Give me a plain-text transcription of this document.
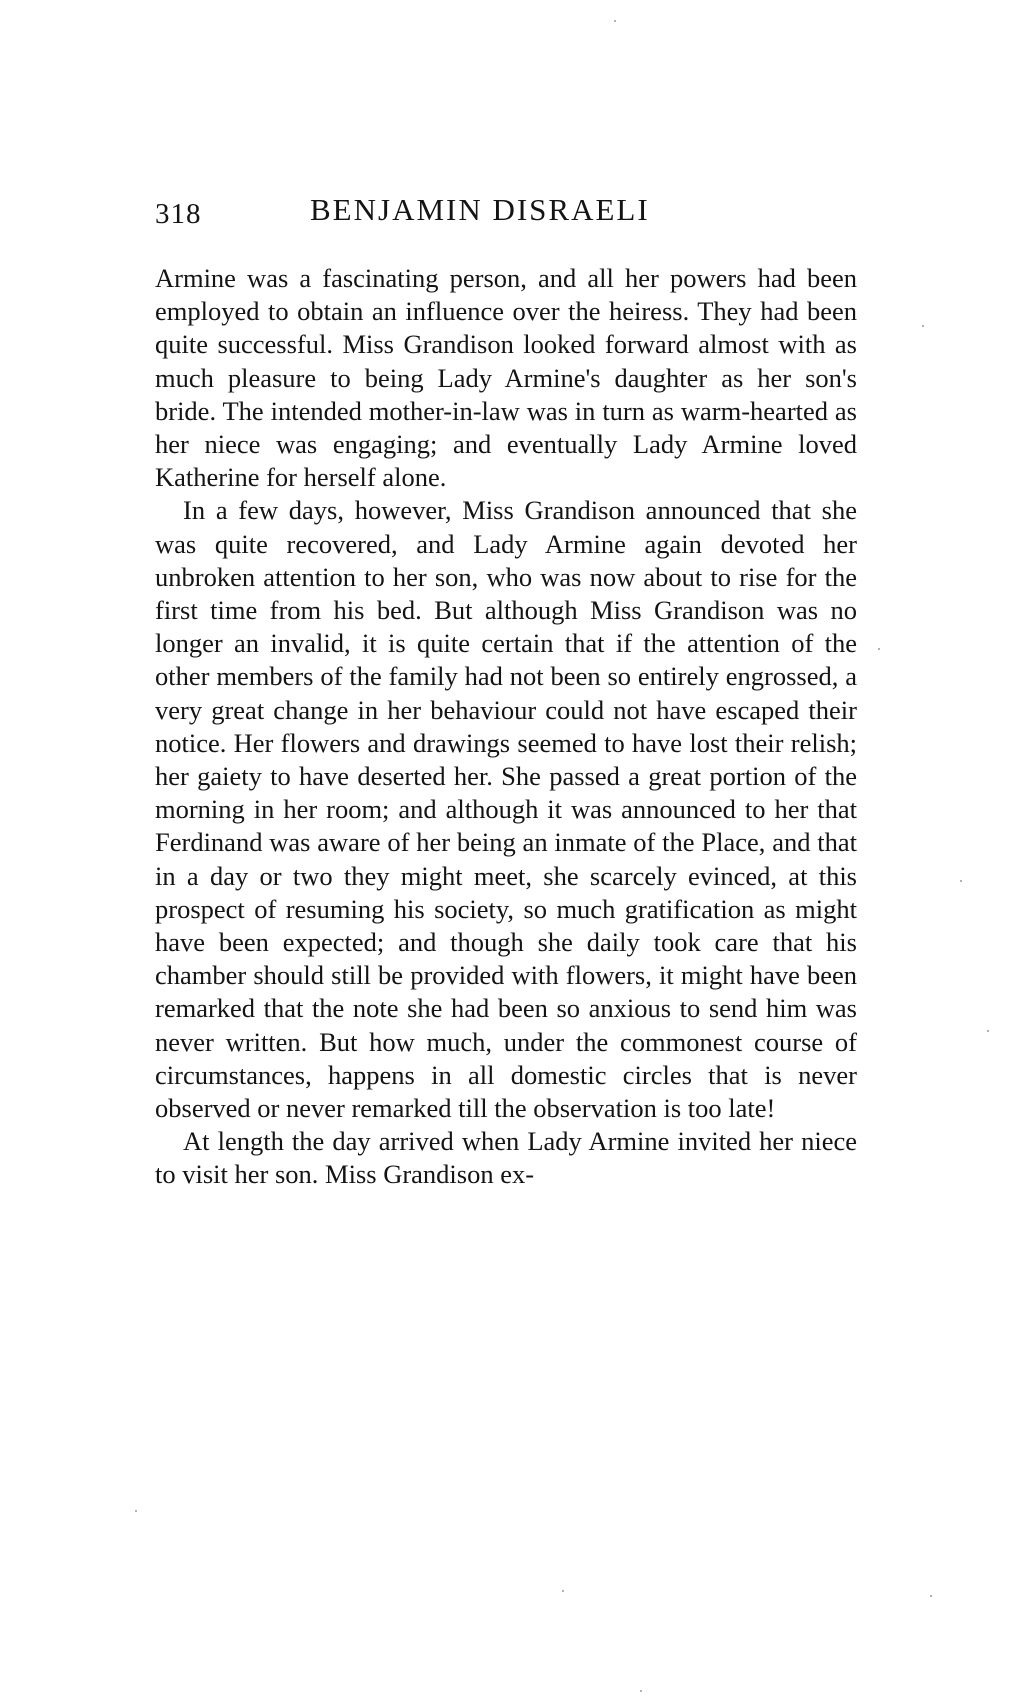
318	BENJAMIN DISRAELI

Armine was a fascinating person, and all her powers had been employed to obtain an influence over the heiress. They had been quite successful. Miss Grandison looked forward almost with as much pleasure to being Lady Armine's daughter as her son's bride. The intended mother-in-law was in turn as warm-hearted as her niece was engaging; and eventually Lady Armine loved Katherine for herself alone.

In a few days, however, Miss Grandison announced that she was quite recovered, and Lady Armine again devoted her unbroken attention to her son, who was now about to rise for the first time from his bed. But although Miss Grandison was no longer an invalid, it is quite certain that if the attention of the other members of the family had not been so entirely engrossed, a very great change in her behaviour could not have escaped their notice. Her flowers and drawings seemed to have lost their relish; her gaiety to have deserted her. She passed a great portion of the morning in her room; and although it was announced to her that Ferdinand was aware of her being an inmate of the Place, and that in a day or two they might meet, she scarcely evinced, at this prospect of resuming his society, so much gratification as might have been expected; and though she daily took care that his chamber should still be provided with flowers, it might have been remarked that the note she had been so anxious to send him was never written. But how much, under the commonest course of circumstances, happens in all domestic circles that is never observed or never remarked till the observation is too late!

At length the day arrived when Lady Armine invited her niece to visit her son. Miss Grandison ex-
